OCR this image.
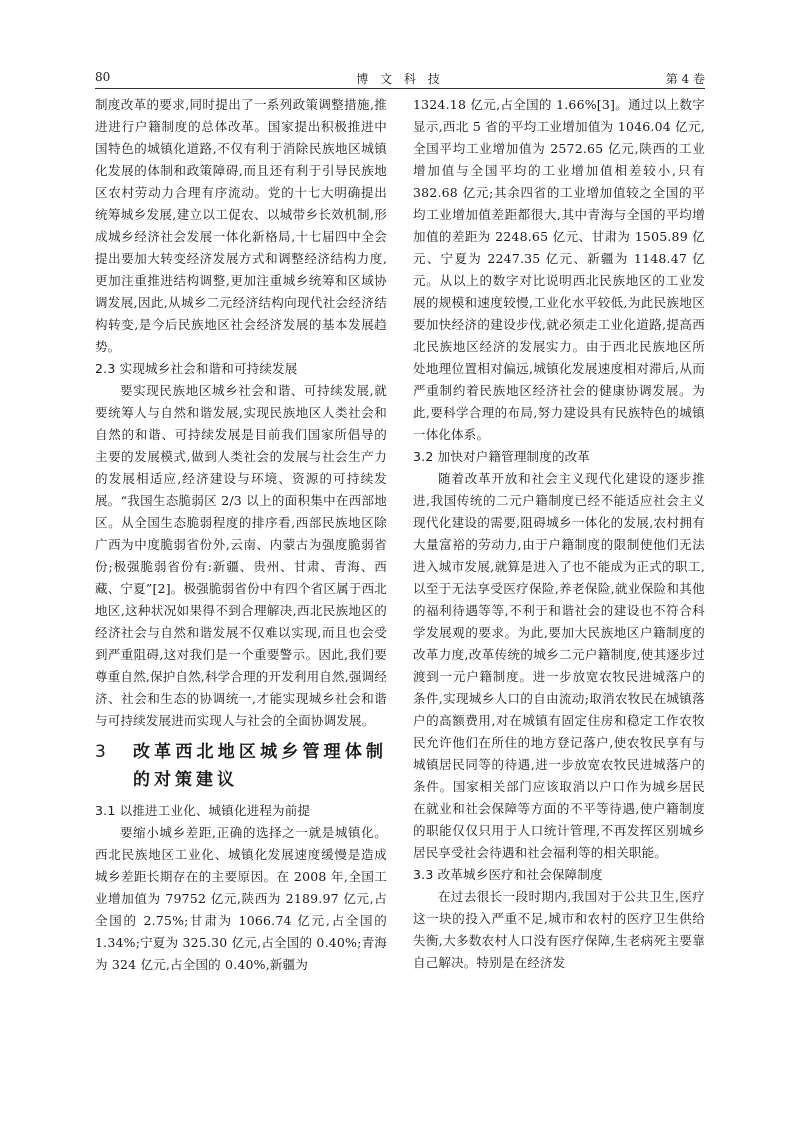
80	博 文 科 技	第 4 卷

制度改革的要求,同时提出了一系列政策调整措施,推进进行户籍制度的总体改革。国家提出积极推进中国特色的城镇化道路,不仅有利于消除民族地区城镇化发展的体制和政策障碍,而且还有利于引导民族地区农村劳动力合理有序流动。党的十七大明确提出统筹城乡发展,建立以工促农、以城带乡长效机制,形成城乡经济社会发展一体化新格局,十七届四中全会提出要加大转变经济发展方式和调整经济结构力度,更加注重推进结构调整,更加注重城乡统筹和区域协调发展,因此,从城乡二元经济结构向现代社会经济结构转变,是今后民族地区社会经济发展的基本发展趋势。

2.3 实现城乡社会和谐和可持续发展

要实现民族地区城乡社会和谐、可持续发展,就要统筹人与自然和谐发展,实现民族地区人类社会和自然的和谐、可持续发展是目前我们国家所倡导的主要的发展模式,做到人类社会的发展与社会生产力的发展相适应,经济建设与环境、资源的可持续发展。“我国生态脆弱区 2/3 以上的面积集中在西部地区。从全国生态脆弱程度的排序看,西部民族地区除广西为中度脆弱省份外,云南、内蒙古为强度脆弱省份;极强脆弱省份有:新疆、贵州、甘肃、青海、西藏、宁夏”[2]。极强脆弱省份中有四个省区属于西北地区,这种状况如果得不到合理解决,西北民族地区的经济社会与自然和谐发展不仅难以实现,而且也会受到严重阻碍,这对我们是一个重要警示。因此,我们要尊重自然,保护自然,科学合理的开发利用自然,强调经济、社会和生态的协调统一,才能实现城乡社会和谐与可持续发展进而实现人与社会的全面协调发展。

3	改革西北地区城乡管理体制的对策建议
3.1 以推进工业化、城镇化进程为前提

要缩小城乡差距,正确的选择之一就是城镇化。西北民族地区工业化、城镇化发展速度缓慢是造成城乡差距长期存在的主要原因。在 2008 年,全国工业增加值为 79752 亿元,陕西为 2189.97 亿元,占全国的 2.75%;甘肃为 1066.74 亿元,占全国的 1.34%;宁夏为 325.30 亿元,占全国的 0.40%;青海为 324 亿元,占全国的 0.40%,新疆为

1324.18 亿元,占全国的 1.66%[3]。通过以上数字显示,西北 5 省的平均工业增加值为 1046.04 亿元,全国平均工业增加值为 2572.65 亿元,陕西的工业增加值与全国平均的工业增加值相差较小,只有 382.68 亿元;其余四省的工业增加值较之全国的平均工业增加值差距都很大,其中青海与全国的平均增加值的差距为 2248.65 亿元、甘肃为 1505.89 亿元、宁夏为 2247.35 亿元、新疆为 1148.47 亿元。从以上的数字对比说明西北民族地区的工业发展的规模和速度较慢,工业化水平较低,为此民族地区要加快经济的建设步伐,就必须走工业化道路,提高西北民族地区经济的发展实力。由于西北民族地区所处地理位置相对偏远,城镇化发展速度相对滞后,从而严重制约着民族地区经济社会的健康协调发展。为此,要科学合理的布局,努力建设具有民族特色的城镇一体化体系。

3.2 加快对户籍管理制度的改革

随着改革开放和社会主义现代化建设的逐步推进,我国传统的二元户籍制度已经不能适应社会主义现代化建设的需要,阻碍城乡一体化的发展,农村拥有大量富裕的劳动力,由于户籍制度的限制使他们无法进入城市发展,就算是进入了也不能成为正式的职工,以至于无法享受医疗保险,养老保险,就业保险和其他的福利待遇等等,不利于和谐社会的建设也不符合科学发展观的要求。为此,要加大民族地区户籍制度的改革力度,改革传统的城乡二元户籍制度,使其逐步过渡到一元户籍制度。进一步放宽农牧民进城落户的条件,实现城乡人口的自由流动;取消农牧民在城镇落户的高额费用,对在城镇有固定住房和稳定工作农牧民允许他们在所住的地方登记落户,使农牧民享有与城镇居民同等的待遇,进一步放宽农牧民进城落户的条件。国家相关部门应该取消以户口作为城乡居民在就业和社会保障等方面的不平等待遇,使户籍制度的职能仅仅只用于人口统计管理,不再发挥区别城乡居民享受社会待遇和社会福利等的相关职能。

3.3 改革城乡医疗和社会保障制度

在过去很长一段时期内,我国对于公共卫生,医疗这一块的投入严重不足,城市和农村的医疗卫生供给失衡,大多数农村人口没有医疗保障,生老病死主要靠自己解决。特别是在经济发
